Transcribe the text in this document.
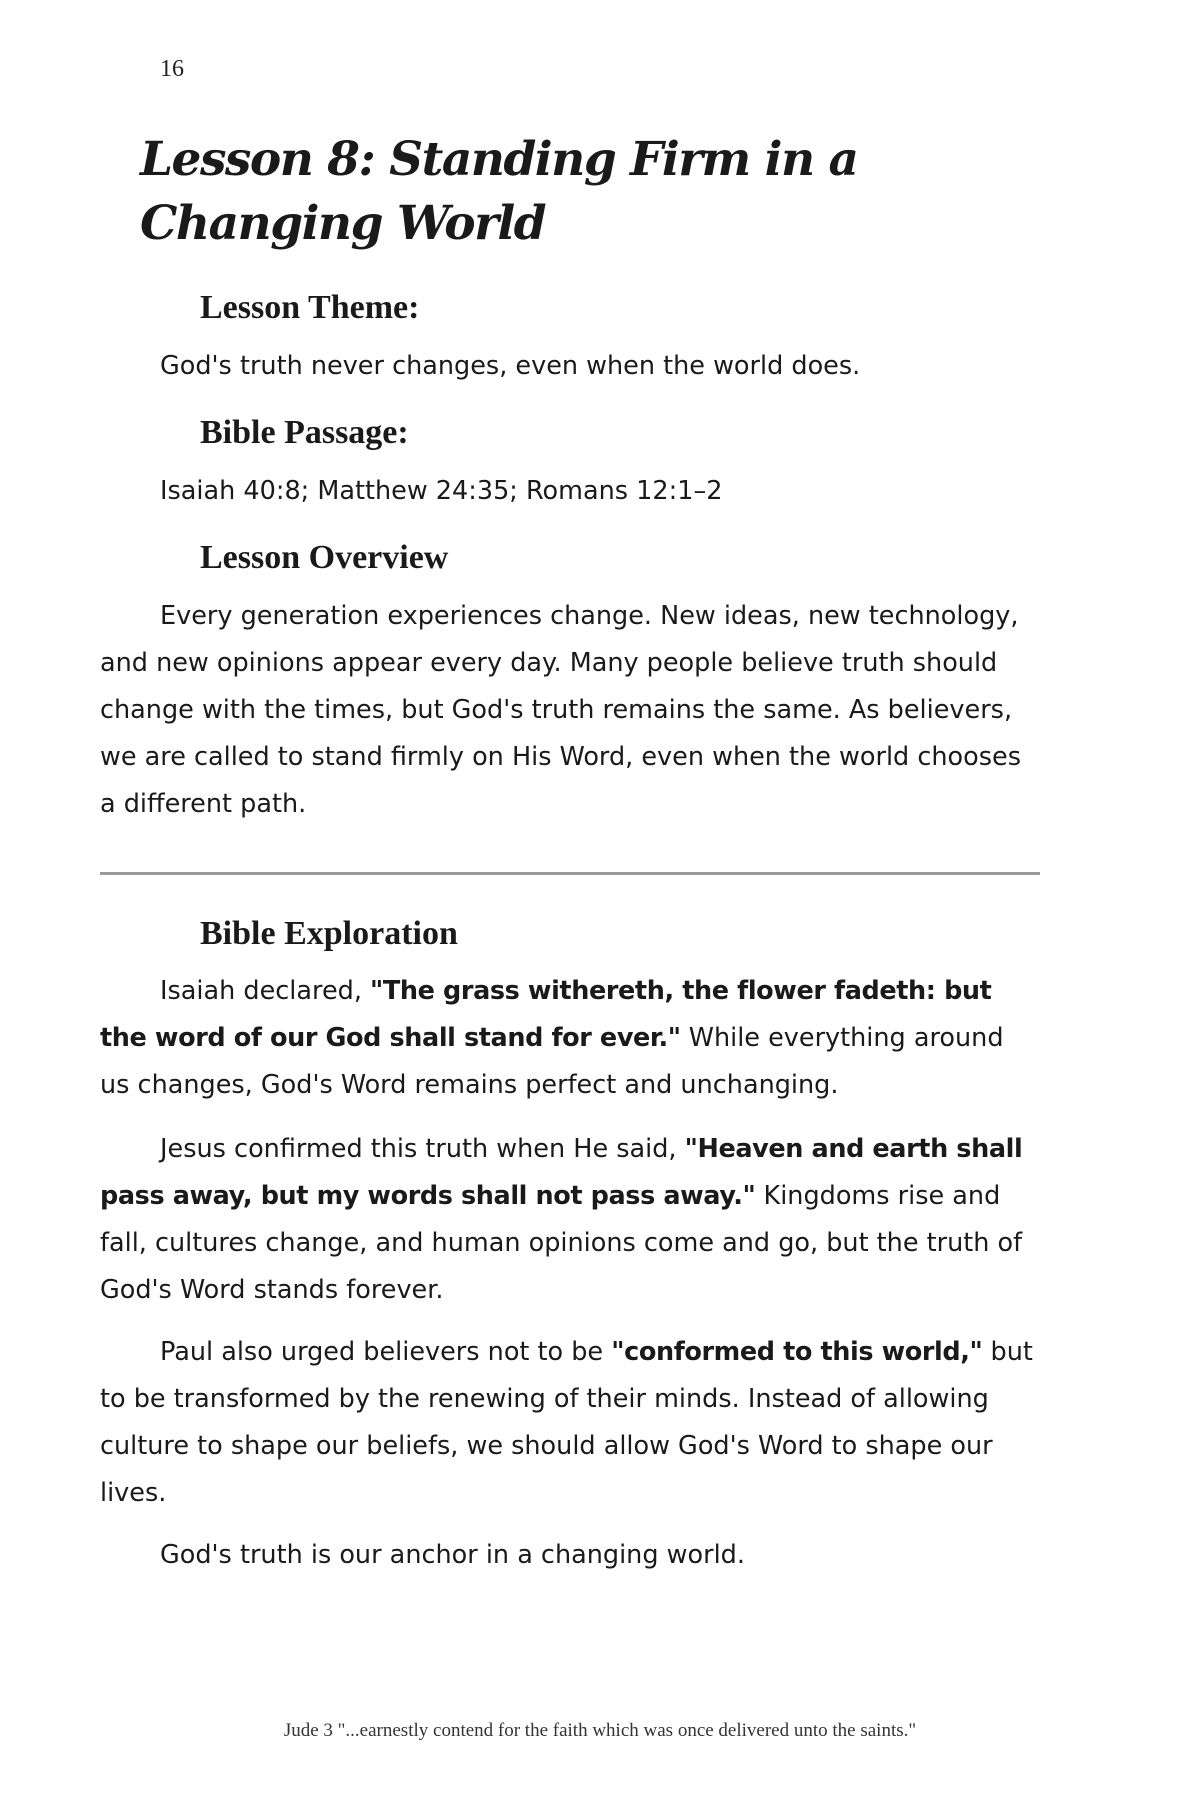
16
Lesson 8: Standing Firm in a Changing World
Lesson Theme:

God's truth never changes, even when the world does.

Bible Passage:

Isaiah 40:8; Matthew 24:35; Romans 12:1–2

Lesson Overview

Every generation experiences change. New ideas, new technology, and new opinions appear every day. Many people believe truth should change with the times, but God's truth remains the same. As believers, we are called to stand firmly on His Word, even when the world chooses a different path.

Bible Exploration

Isaiah declared, "The grass withereth, the flower fadeth: but the word of our God shall stand for ever." While everything around us changes, God's Word remains perfect and unchanging.

Jesus confirmed this truth when He said, "Heaven and earth shall pass away, but my words shall not pass away." Kingdoms rise and fall, cultures change, and human opinions come and go, but the truth of God's Word stands forever.

Paul also urged believers not to be "conformed to this world," but to be transformed by the renewing of their minds. Instead of allowing culture to shape our beliefs, we should allow God's Word to shape our lives.

God's truth is our anchor in a changing world.

Jude 3 "...earnestly contend for the faith which was once delivered unto the saints."
